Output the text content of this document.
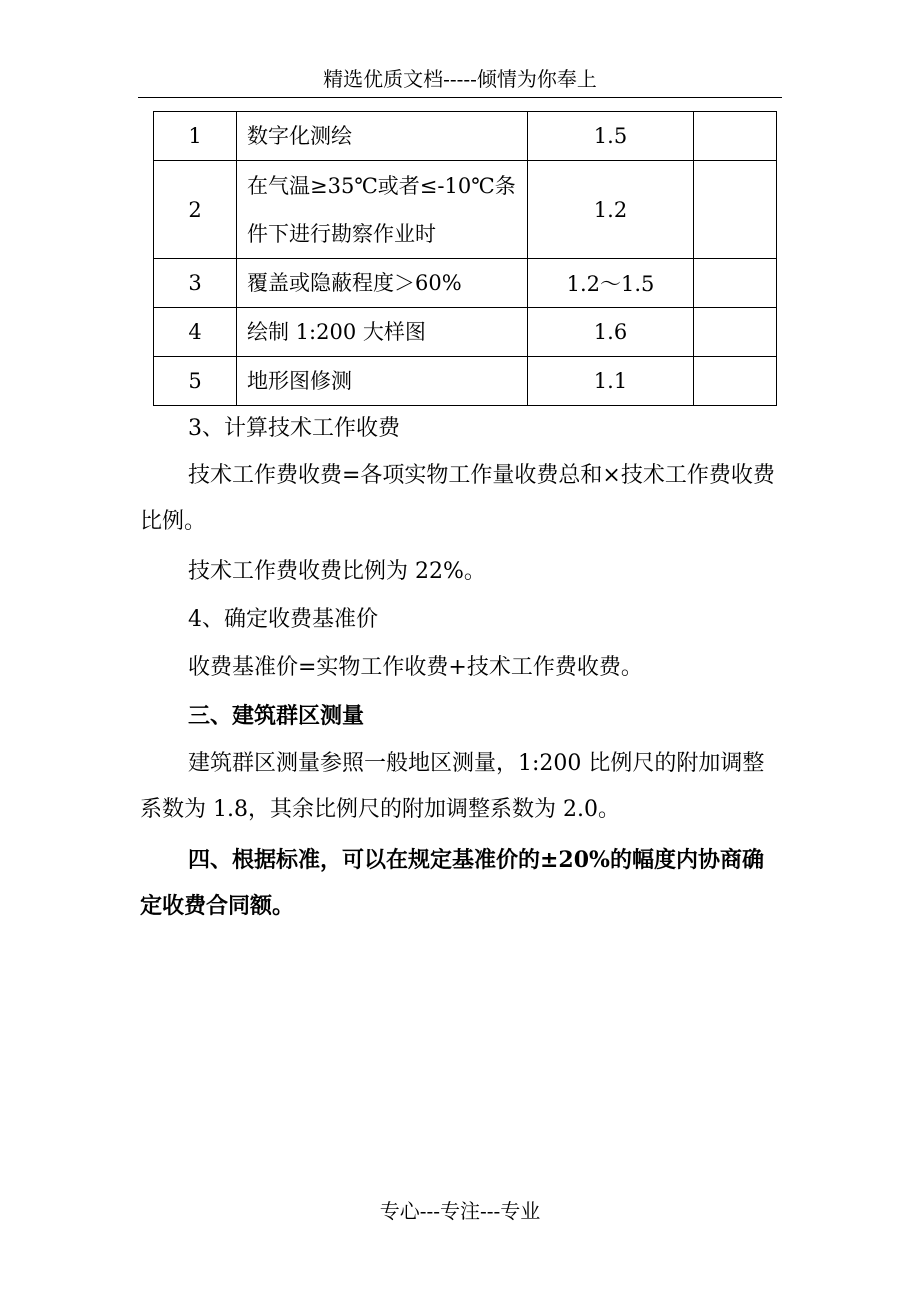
精选优质文档-----倾情为你奉上
1	数字化测绘	1.5	
2	在气温≥35℃或者≤-10℃条件下进行勘察作业时	1.2	
3	覆盖或隐蔽程度＞60%	1.2～1.5	
4	绘制 1:200 大样图	1.6	
5	地形图修测	1.1	
3、计算技术工作收费
技术工作费收费=各项实物工作量收费总和×技术工作费收费比例。
技术工作费收费比例为 22%。
4、确定收费基准价
收费基准价=实物工作收费+技术工作费收费。
三、建筑群区测量
建筑群区测量参照一般地区测量，1:200 比例尺的附加调整系数为 1.8，其余比例尺的附加调整系数为 2.0。
四、根据标准，可以在规定基准价的±20%的幅度内协商确定收费合同额。
专心---专注---专业
